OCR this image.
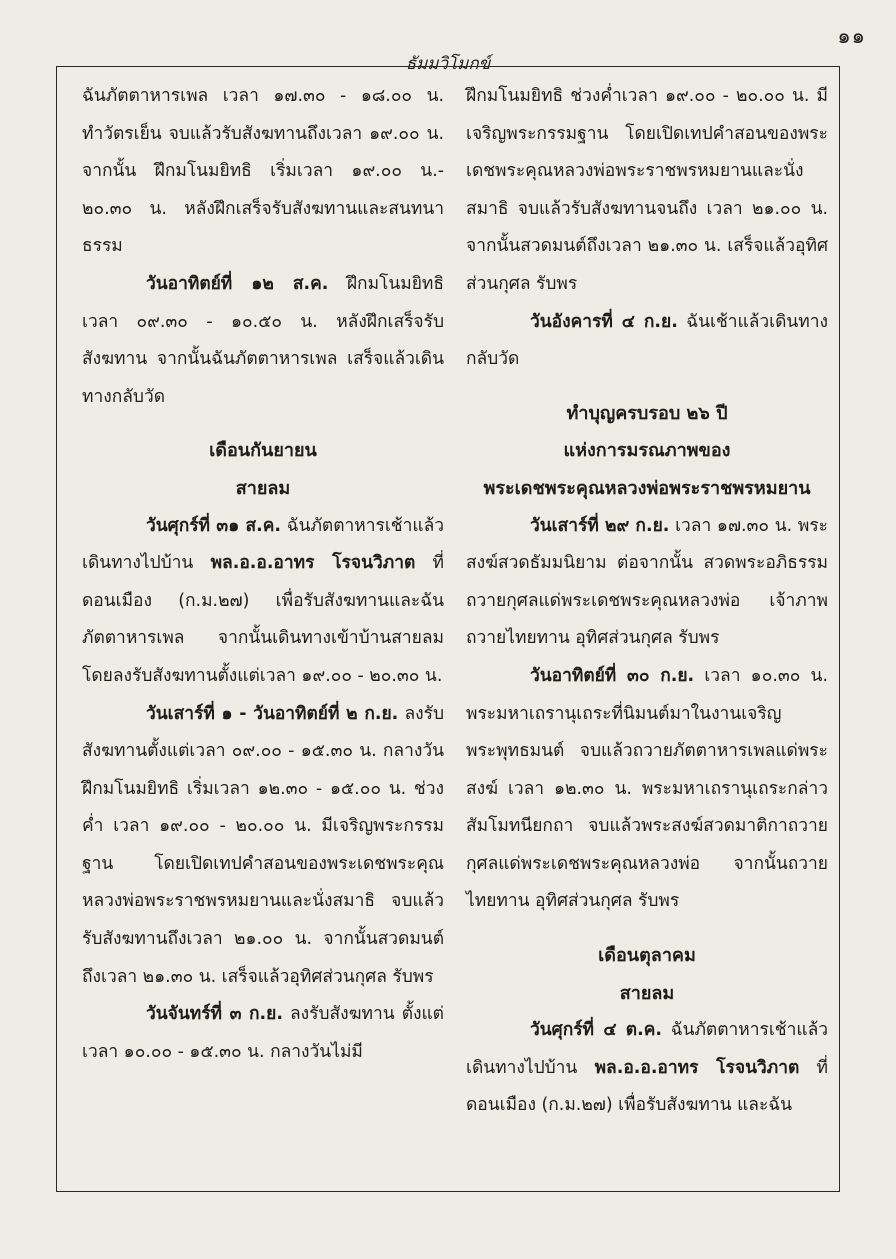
๑๑
ธัมมวิโมกข์
ฉันภัตตาหารเพล เวลา ๑๗.๓๐ - ๑๘.๐๐ น. ทำวัตรเย็น จบแล้วรับสังฆทานถึงเวลา ๑๙.๐๐ น. จากนั้น ฝึกมโนมยิทธิ เริ่มเวลา ๑๙.๐๐ น.- ๒๐.๓๐ น. หลังฝึกเสร็จรับสังฆทานและสนทนาธรรม
วันอาทิตย์ที่ ๑๒ ส.ค. ฝึกมโนมยิทธิ เวลา ๐๙.๓๐ - ๑๐.๕๐ น. หลังฝึกเสร็จรับสังฆทาน จากนั้นฉันภัตตาหารเพล เสร็จแล้วเดินทางกลับวัด
เดือนกันยายน
สายลม
วันศุกร์ที่ ๓๑ ส.ค. ฉันภัตตาหารเช้าแล้ว เดินทางไปบ้าน พล.อ.อ.อาทร โรจนวิภาต ที่ดอนเมือง (ก.ม.๒๗) เพื่อรับสังฆทานและฉันภัตตาหารเพล จากนั้นเดินทางเข้าบ้านสายลมโดยลงรับสังฆทานตั้งแต่เวลา ๑๙.๐๐ - ๒๐.๓๐ น.
วันเสาร์ที่ ๑ - วันอาทิตย์ที่ ๒ ก.ย. ลงรับสังฆทานตั้งแต่เวลา ๐๙.๐๐ - ๑๕.๓๐ น. กลางวันฝึกมโนมยิทธิ เริ่มเวลา ๑๒.๓๐ - ๑๕.๐๐ น. ช่วงค่ำ เวลา ๑๙.๐๐ - ๒๐.๐๐ น. มีเจริญพระกรรมฐาน โดยเปิดเทปคำสอนของพระเดชพระคุณหลวงพ่อพระราชพรหมยานและนั่งสมาธิ จบแล้วรับสังฆทานถึงเวลา ๒๑.๐๐ น. จากนั้นสวดมนต์ถึงเวลา ๒๑.๓๐ น. เสร็จแล้วอุทิศส่วนกุศล รับพร
วันจันทร์ที่ ๓ ก.ย. ลงรับสังฆทาน ตั้งแต่เวลา ๑๐.๐๐ - ๑๕.๓๐ น. กลางวันไม่มี
ฝึกมโนมยิทธิ ช่วงค่ำเวลา ๑๙.๐๐ - ๒๐.๐๐ น. มีเจริญพระกรรมฐาน โดยเปิดเทปคำสอนของพระเดชพระคุณหลวงพ่อพระราชพรหมยานและนั่งสมาธิ จบแล้วรับสังฆทานจนถึง เวลา ๒๑.๐๐ น. จากนั้นสวดมนต์ถึงเวลา ๒๑.๓๐ น. เสร็จแล้วอุทิศส่วนกุศล รับพร
วันอังคารที่ ๔ ก.ย. ฉันเช้าแล้วเดินทางกลับวัด
ทำบุญครบรอบ ๒๖ ปี
แห่งการมรณภาพของ
พระเดชพระคุณหลวงพ่อพระราชพรหมยาน
วันเสาร์ที่ ๒๙ ก.ย. เวลา ๑๗.๓๐ น. พระสงฆ์สวดธัมมนิยาม ต่อจากนั้น สวดพระอภิธรรมถวายกุศลแด่พระเดชพระคุณหลวงพ่อ เจ้าภาพถวายไทยทาน อุทิศส่วนกุศล รับพร
วันอาทิตย์ที่ ๓๐ ก.ย. เวลา ๑๐.๓๐ น. พระมหาเถรานุเถระที่นิมนต์มาในงานเจริญพระพุทธมนต์ จบแล้วถวายภัตตาหารเพลแด่พระสงฆ์ เวลา ๑๒.๓๐ น. พระมหาเถรานุเถระกล่าวสัมโมทนียกถา จบแล้วพระสงฆ์สวดมาติกาถวายกุศลแด่พระเดชพระคุณหลวงพ่อ จากนั้นถวายไทยทาน อุทิศส่วนกุศล รับพร
เดือนตุลาคม
สายลม
วันศุกร์ที่ ๔ ต.ค. ฉันภัตตาหารเช้าแล้วเดินทางไปบ้าน พล.อ.อ.อาทร โรจนวิภาต ที่ดอนเมือง (ก.ม.๒๗) เพื่อรับสังฆทาน และฉัน
